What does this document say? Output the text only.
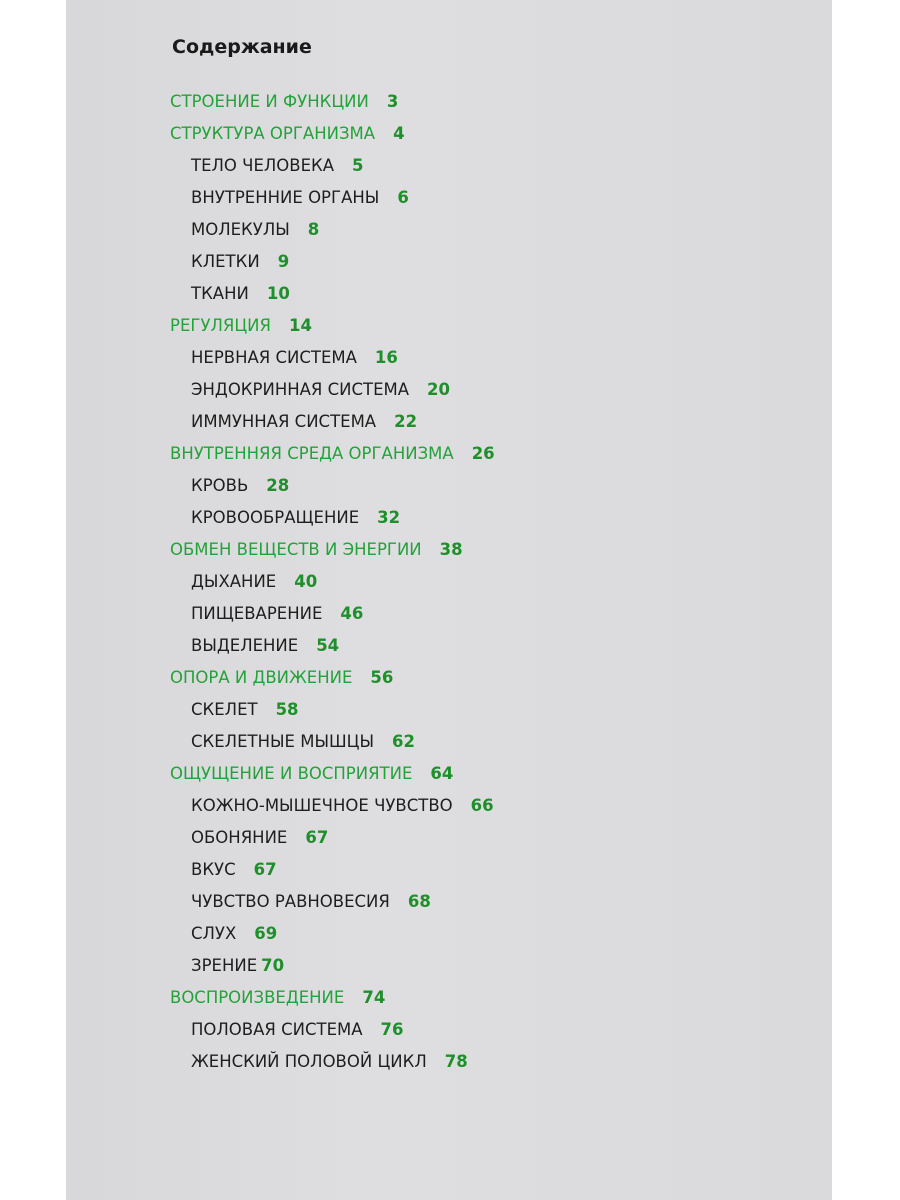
Содержание
СТРОЕНИЕ И ФУНКЦИИ 3
СТРУКТУРА ОРГАНИЗМА 4
ТЕЛО ЧЕЛОВЕКА 5
ВНУТРЕННИЕ ОРГАНЫ 6
МОЛЕКУЛЫ 8
КЛЕТКИ 9
ТКАНИ 10
РЕГУЛЯЦИЯ 14
НЕРВНАЯ СИСТЕМА 16
ЭНДОКРИННАЯ СИСТЕМА 20
ИММУННАЯ СИСТЕМА 22
ВНУТРЕННЯЯ СРЕДА ОРГАНИЗМА 26
КРОВЬ 28
КРОВООБРАЩЕНИЕ 32
ОБМЕН ВЕЩЕСТВ И ЭНЕРГИИ 38
ДЫХАНИЕ 40
ПИЩЕВАРЕНИЕ 46
ВЫДЕЛЕНИЕ 54
ОПОРА И ДВИЖЕНИЕ 56
СКЕЛЕТ 58
СКЕЛЕТНЫЕ МЫШЦЫ 62
ОЩУЩЕНИЕ И ВОСПРИЯТИЕ 64
КОЖНО-МЫШЕЧНОЕ ЧУВСТВО 66
ОБОНЯНИЕ 67
ВКУС 67
ЧУВСТВО РАВНОВЕСИЯ 68
СЛУХ 69
ЗРЕНИЕ 70
ВОСПРОИЗВЕДЕНИЕ 74
ПОЛОВАЯ СИСТЕМА 76
ЖЕНСКИЙ ПОЛОВОЙ ЦИКЛ 78
